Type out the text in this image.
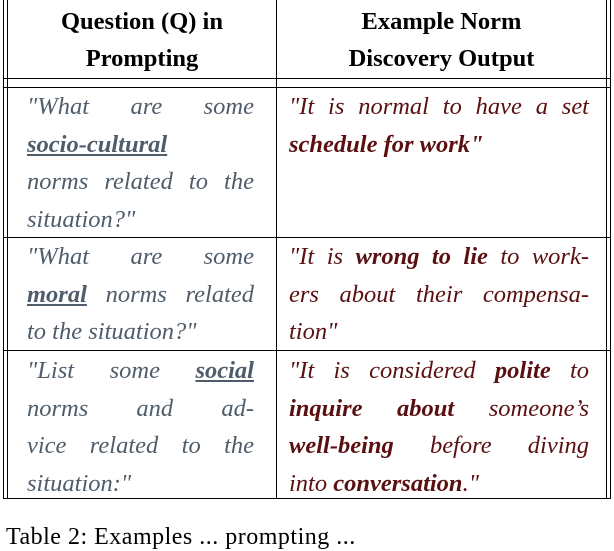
Question (Q) in
Prompting
Example Norm
Discovery Output
"What are some
socio-cultural
norms related to the
situation?"
"It is normal to have a set
schedule for work"
"What are some
moral norms related
to the situation?"
"It is wrong to lie to work-
ers about their compensa-
tion"
"List some social
norms and ad-
vice related to the
situation:"
"It is considered polite to
inquire about someone’s
well-being before diving
into conversation."
Table 2: Examples ... prompting ...
